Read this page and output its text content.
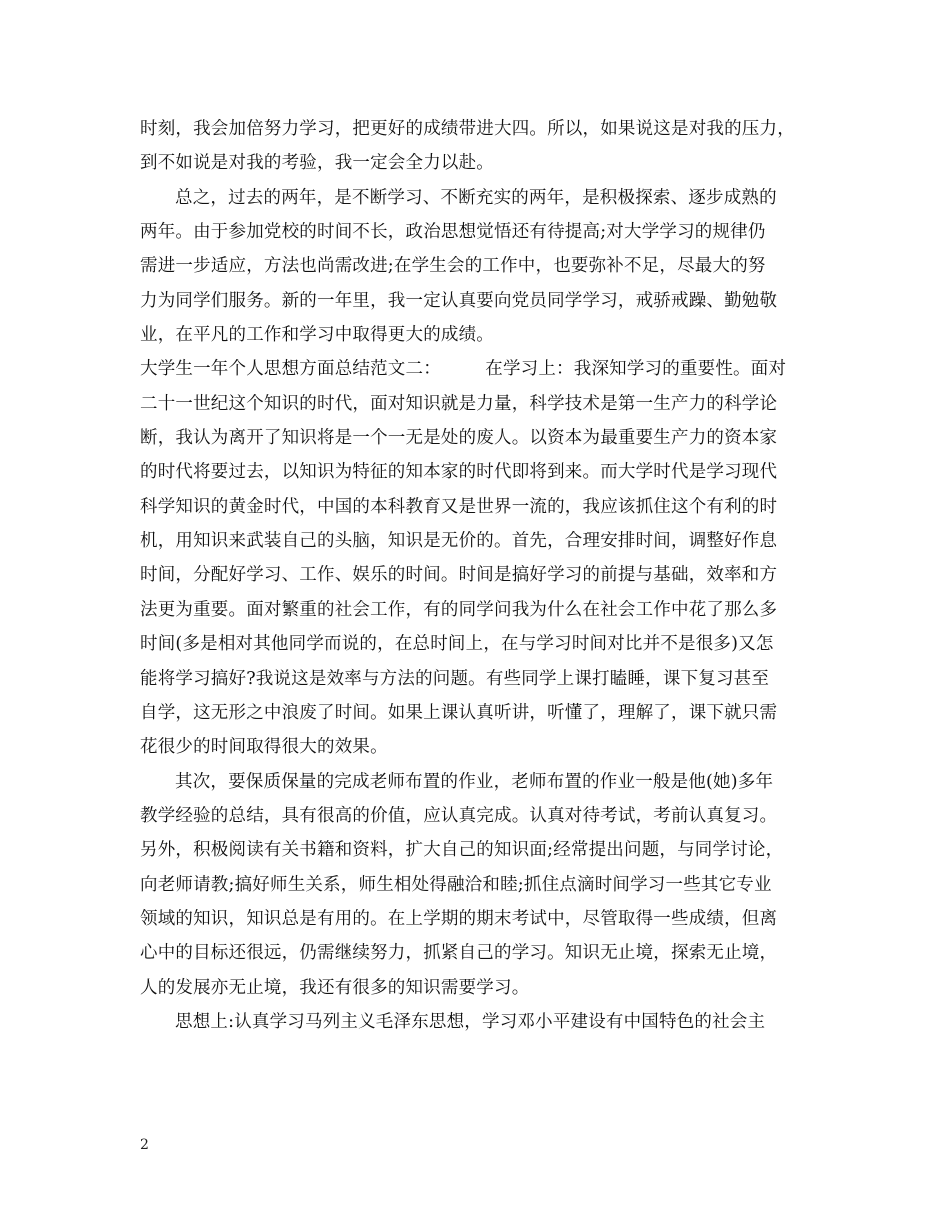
时刻，我会加倍努力学习，把更好的成绩带进大四。所以，如果说这是对我的压力，
到不如说是对我的考验，我一定会全力以赴。
总之，过去的两年，是不断学习、不断充实的两年，是积极探索、逐步成熟的
两年。由于参加党校的时间不长，政治思想觉悟还有待提高;对大学学习的规律仍
需进一步适应，方法也尚需改进;在学生会的工作中，也要弥补不足，尽最大的努
力为同学们服务。新的一年里，我一定认真要向党员同学学习，戒骄戒躁、勤勉敬
业，在平凡的工作和学习中取得更大的成绩。
大学生一年个人思想方面总结范文二：　　　在学习上：我深知学习的重要性。面对
二十一世纪这个知识的时代，面对知识就是力量，科学技术是第一生产力的科学论
断，我认为离开了知识将是一个一无是处的废人。以资本为最重要生产力的资本家
的时代将要过去，以知识为特征的知本家的时代即将到来。而大学时代是学习现代
科学知识的黄金时代，中国的本科教育又是世界一流的，我应该抓住这个有利的时
机，用知识来武装自己的头脑，知识是无价的。首先，合理安排时间，调整好作息
时间，分配好学习、工作、娱乐的时间。时间是搞好学习的前提与基础，效率和方
法更为重要。面对繁重的社会工作，有的同学问我为什么在社会工作中花了那么多
时间(多是相对其他同学而说的，在总时间上，在与学习时间对比并不是很多)又怎
能将学习搞好?我说这是效率与方法的问题。有些同学上课打瞌睡，课下复习甚至
自学，这无形之中浪废了时间。如果上课认真听讲，听懂了，理解了，课下就只需
花很少的时间取得很大的效果。
其次，要保质保量的完成老师布置的作业，老师布置的作业一般是他(她)多年
教学经验的总结，具有很高的价值，应认真完成。认真对待考试，考前认真复习。
另外，积极阅读有关书籍和资料，扩大自己的知识面;经常提出问题，与同学讨论，
向老师请教;搞好师生关系，师生相处得融洽和睦;抓住点滴时间学习一些其它专业
领域的知识，知识总是有用的。在上学期的期末考试中，尽管取得一些成绩，但离
心中的目标还很远，仍需继续努力，抓紧自己的学习。知识无止境，探索无止境，
人的发展亦无止境，我还有很多的知识需要学习。
思想上:认真学习马列主义毛泽东思想，学习邓小平建设有中国特色的社会主
2
